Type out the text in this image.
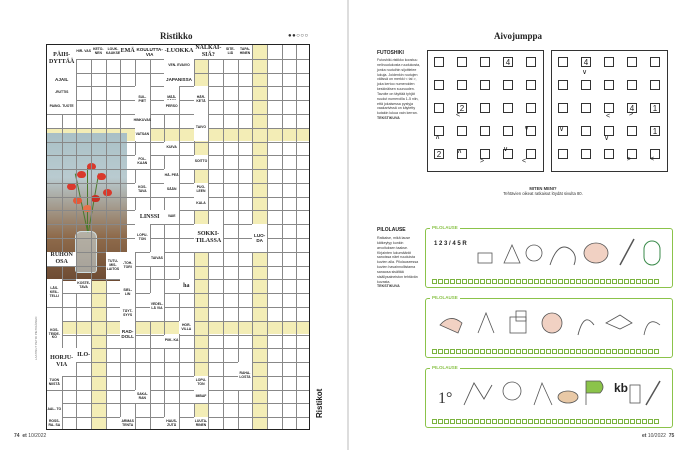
Ristikko	●●○○○
PÄIH- DYTTÄÄ
HIR- VAS KETO- NEN
LOUK- KAUKSE EMÄ KOULUTTA- VIA	-LUOKKA
NÄLKÄI- SIÄ?
SITE- LIÄ
TAPA- HINEN
VEN- EVAIVO
JAPANISSA
AJAIL
-RUTTIS
PAINO- TUOTE
SUL- PIET
MÄÄ-
PERSO
HÄR- KETÄ
HINKUVAS
VATSAN
TAIVO
KUIVA
FOL- KAAN	SOITTO
HÄ- PEÄ
SÄÄN
KOS- TAVA
PUO- LEEN
KALA
LINSSI	VAIE
LOPU- TON
SOKKI- TILASSA
LUO- DA
RUHON OSA	TUTU- MIS- LAITOS
-TOH- TORI
TAIVAS
LÄS- KEIL- TELLI
SIEL- LIN
VEDEL- LÄ VIA
KOS- TEIDE- KO
RAD- DOLL
TÄYT- SYYS
HOR- VILLA
PIIK- KA
HORJU- VIA
ILO-
TUON NIISTÄ
LOPU- TON
RAHA- LOSTA
AAL- TO
SAKA- RAN	IMBAF
ROSS- RA- SA
ARMAS TENTA
LUUTA- RINEN
HAUS- ZUTÄ
KOSTE- TAVA	ha
LAATINUT PETRI PIETIKÄINEN
Ristikot
74 et 10/2022
Aivojumppa
FUTOSHIKI
Futoshiki-ristikko koostuu neliruudukosta ruudukosta, jonka ruutuihin sijoittelee lukuja. Joidenkin ruutujen välissä on merkki < tai >, joka kertoo numeroiden keskinäisen suuruuden. Tavoite on täyttää tyhjät ruudut numeroilla 1-5 niin, että jokaisessa pystyja vaakarivissä on käytetty kutakin lukua vain kerran.
TEKSTIKUVA
4
2
2
∧
<
∨
∨
>
∧
<
4
4	1
1
∨
<	>
∨
∨
>	<
MITEN MENI?
Tehtävien oikeat ratkaisut löydät sivulta 80.
PILOLAUSE
Ratkaise, mikä lause kätkeytyy kunkin arvoituksen taakse. Kirjainten lukumäärät sanoissa näet ruuduista kuvien alla. Pilolauseessa kuvien havainnollistama sanaosa sisältää sisällysaineiston tehtävän kuvasta.
TEKSTIKUVA
et 10/2022 75
PILOLAUSE
1 2 3 / 4 5 R
PILOLAUSE
PILOLAUSE
1°
kb
